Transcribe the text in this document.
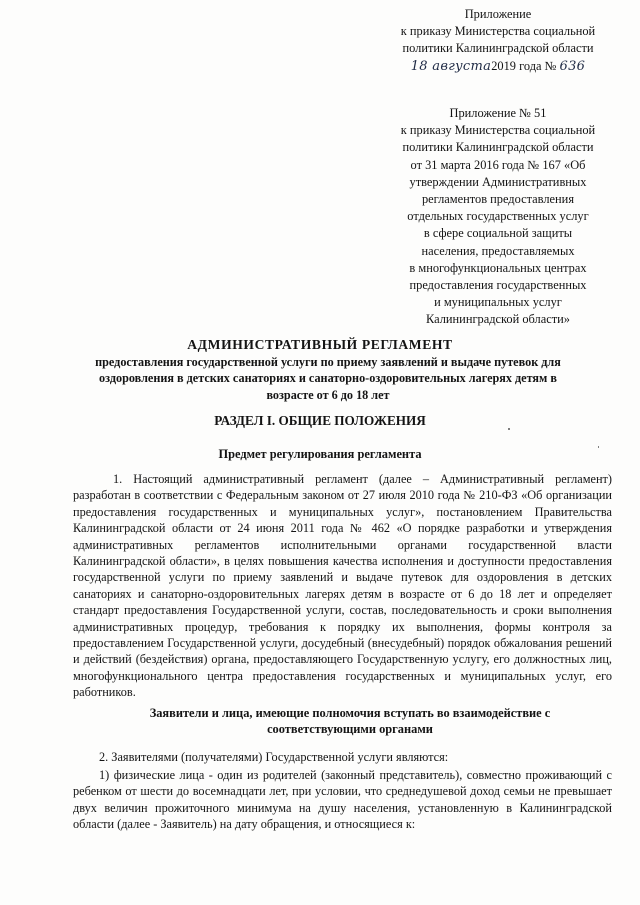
Приложение
к приказу Министерства социальной
политики Калининградской области
18 августа2019 года № 636
Приложение № 51
к приказу Министерства социальной
политики Калининградской области
от 31 марта 2016 года № 167 «Об
утверждении Административных
регламентов предоставления
отдельных государственных услуг
в сфере социальной защиты
населения, предоставляемых
в многофункциональных центрах
предоставления государственных
и муниципальных услуг
Калининградской области»
АДМИНИСТРАТИВНЫЙ РЕГЛАМЕНТ
предоставления государственной услуги по приему заявлений и выдаче путевок для оздоровления в детских санаториях и санаторно-оздоровительных лагерях детям в возрасте от 6 до 18 лет
РАЗДЕЛ I. ОБЩИЕ ПОЛОЖЕНИЯ
Предмет регулирования регламента

1. Настоящий административный регламент (далее – Административный регламент) разработан в соответствии с Федеральным законом от 27 июля 2010 года № 210-ФЗ «Об организации предоставления государственных и муниципальных услуг», постановлением Правительства Калининградской области от 24 июня 2011 года № 462 «О порядке разработки и утверждения административных регламентов исполнительными органами государственной власти Калининградской области», в целях повышения качества исполнения и доступности предоставления государственной услуги по приему заявлений и выдаче путевок для оздоровления в детских санаториях и санаторно-оздоровительных лагерях детям в возрасте от 6 до 18 лет и определяет стандарт предоставления Государственной услуги, состав, последовательность и сроки выполнения административных процедур, требования к порядку их выполнения, формы контроля за предоставлением Государственной услуги, досудебный (внесудебный) порядок обжалования решений и действий (бездействия) органа, предоставляющего Государственную услугу, его должностных лиц, многофункционального центра предоставления государственных и муниципальных услуг, его работников.

Заявители и лица, имеющие полномочия вступать во взаимодействие с соответствующими органами

2. Заявителями (получателями) Государственной услуги являются:

1) физические лица - один из родителей (законный представитель), совместно проживающий с ребенком от шести до восемнадцати лет, при условии, что среднедушевой доход семьи не превышает двух величин прожиточного минимума на душу населения, установленную в Калининградской области (далее - Заявитель) на дату обращения, и относящиеся к:
